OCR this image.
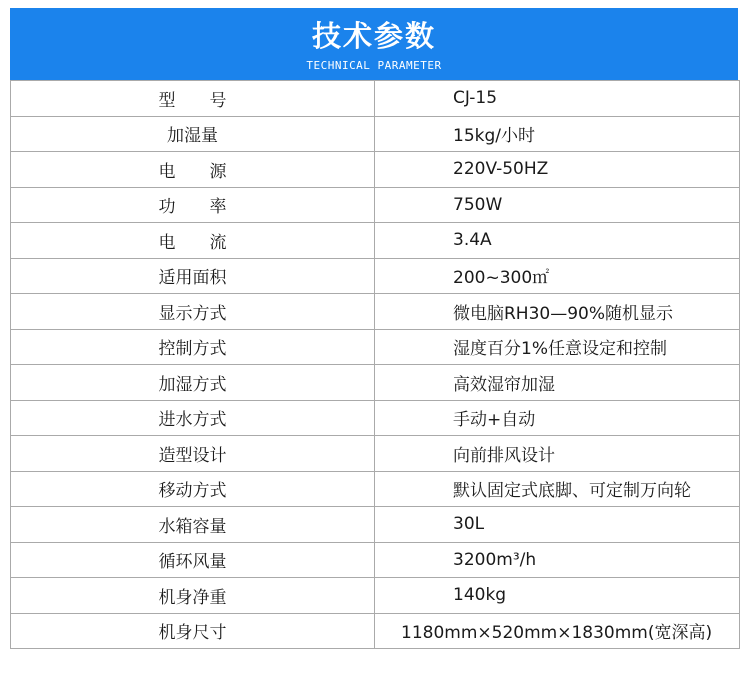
技术参数
TECHNICAL PARAMETER
型　　号	CJ-15
加湿量	15kg/小时
电　　源	220V-50HZ
功　　率	750W
电　　流	3.4A
适用面积	200~300㎡
显示方式	微电脑RH30—90%随机显示
控制方式	湿度百分1%任意设定和控制
加湿方式	高效湿帘加湿
进水方式	手动+自动
造型设计	向前排风设计
移动方式	默认固定式底脚、可定制万向轮
水箱容量	30L
循环风量	3200m³/h
机身净重	140kg
机身尺寸	1180mm×520mm×1830mm(宽深高)
